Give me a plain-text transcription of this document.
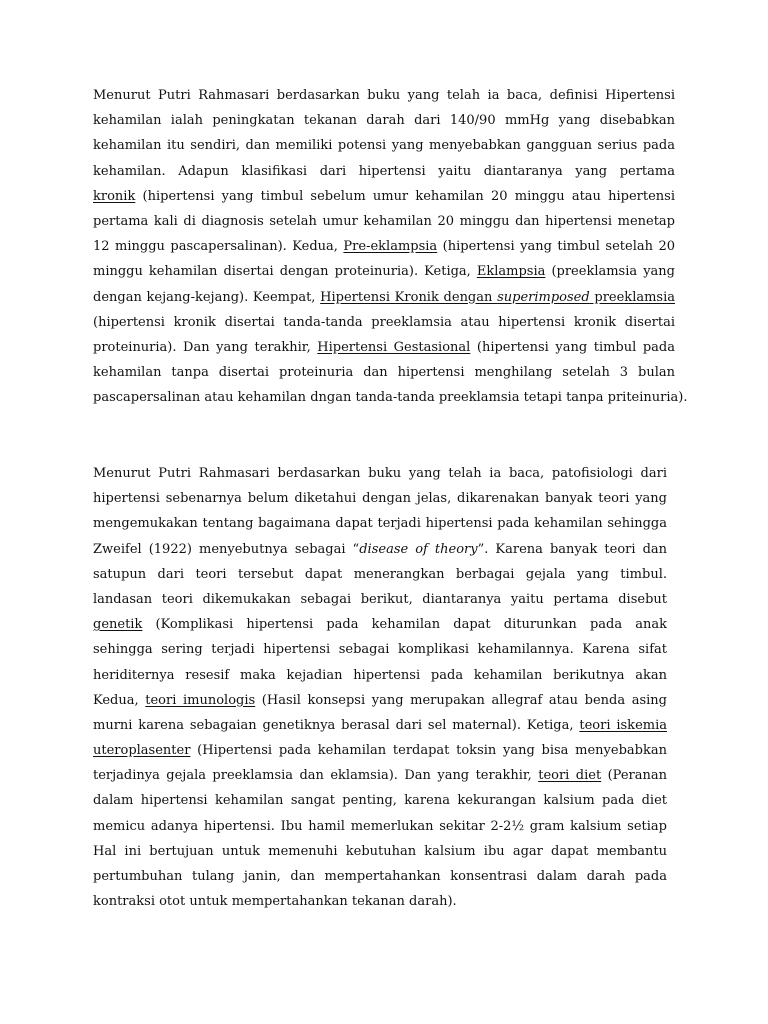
Menurut Putri Rahmasari berdasarkan buku yang telah ia baca, definisi Hipertensi
kehamilan ialah peningkatan tekanan darah dari 140/90 mmHg yang disebabkan
kehamilan itu sendiri, dan memiliki potensi yang menyebabkan gangguan serius pada
kehamilan. Adapun klasifikasi dari hipertensi yaitu diantaranya yang pertama
kronik (hipertensi yang timbul sebelum umur kehamilan 20 minggu atau hipertensi
pertama kali di diagnosis setelah umur kehamilan 20 minggu dan hipertensi menetap
12 minggu pascapersalinan). Kedua, Pre-eklampsia (hipertensi yang timbul setelah 20
minggu kehamilan disertai dengan proteinuria). Ketiga, Eklampsia (preeklamsia yang
dengan kejang-kejang). Keempat, Hipertensi Kronik dengan superimposed preeklamsia
(hipertensi kronik disertai tanda-tanda preeklamsia atau hipertensi kronik disertai
proteinuria). Dan yang terakhir, Hipertensi Gestasional (hipertensi yang timbul pada
kehamilan tanpa disertai proteinuria dan hipertensi menghilang setelah 3 bulan
pascapersalinan atau kehamilan dngan tanda-tanda preeklamsia tetapi tanpa priteinuria).
Menurut Putri Rahmasari berdasarkan buku yang telah ia baca, patofisiologi dari
hipertensi sebenarnya belum diketahui dengan jelas, dikarenakan banyak teori yang
mengemukakan tentang bagaimana dapat terjadi hipertensi pada kehamilan sehingga
Zweifel (1922) menyebutnya sebagai “disease of theory”. Karena banyak teori dan
satupun dari teori tersebut dapat menerangkan berbagai gejala yang timbul.
landasan teori dikemukakan sebagai berikut, diantaranya yaitu pertama disebut
genetik (Komplikasi hipertensi pada kehamilan dapat diturunkan pada anak
sehingga sering terjadi hipertensi sebagai komplikasi kehamilannya. Karena sifat
heriditernya resesif maka kejadian hipertensi pada kehamilan berikutnya akan
Kedua, teori imunologis (Hasil konsepsi yang merupakan allegraf atau benda asing
murni karena sebagaian genetiknya berasal dari sel maternal). Ketiga, teori iskemia
uteroplasenter (Hipertensi pada kehamilan terdapat toksin yang bisa menyebabkan
terjadinya gejala preeklamsia dan eklamsia). Dan yang terakhir, teori diet (Peranan
dalam hipertensi kehamilan sangat penting, karena kekurangan kalsium pada diet
memicu adanya hipertensi. Ibu hamil memerlukan sekitar 2-2½ gram kalsium setiap
Hal ini bertujuan untuk memenuhi kebutuhan kalsium ibu agar dapat membantu
pertumbuhan tulang janin, dan mempertahankan konsentrasi dalam darah pada
kontraksi otot untuk mempertahankan tekanan darah).
